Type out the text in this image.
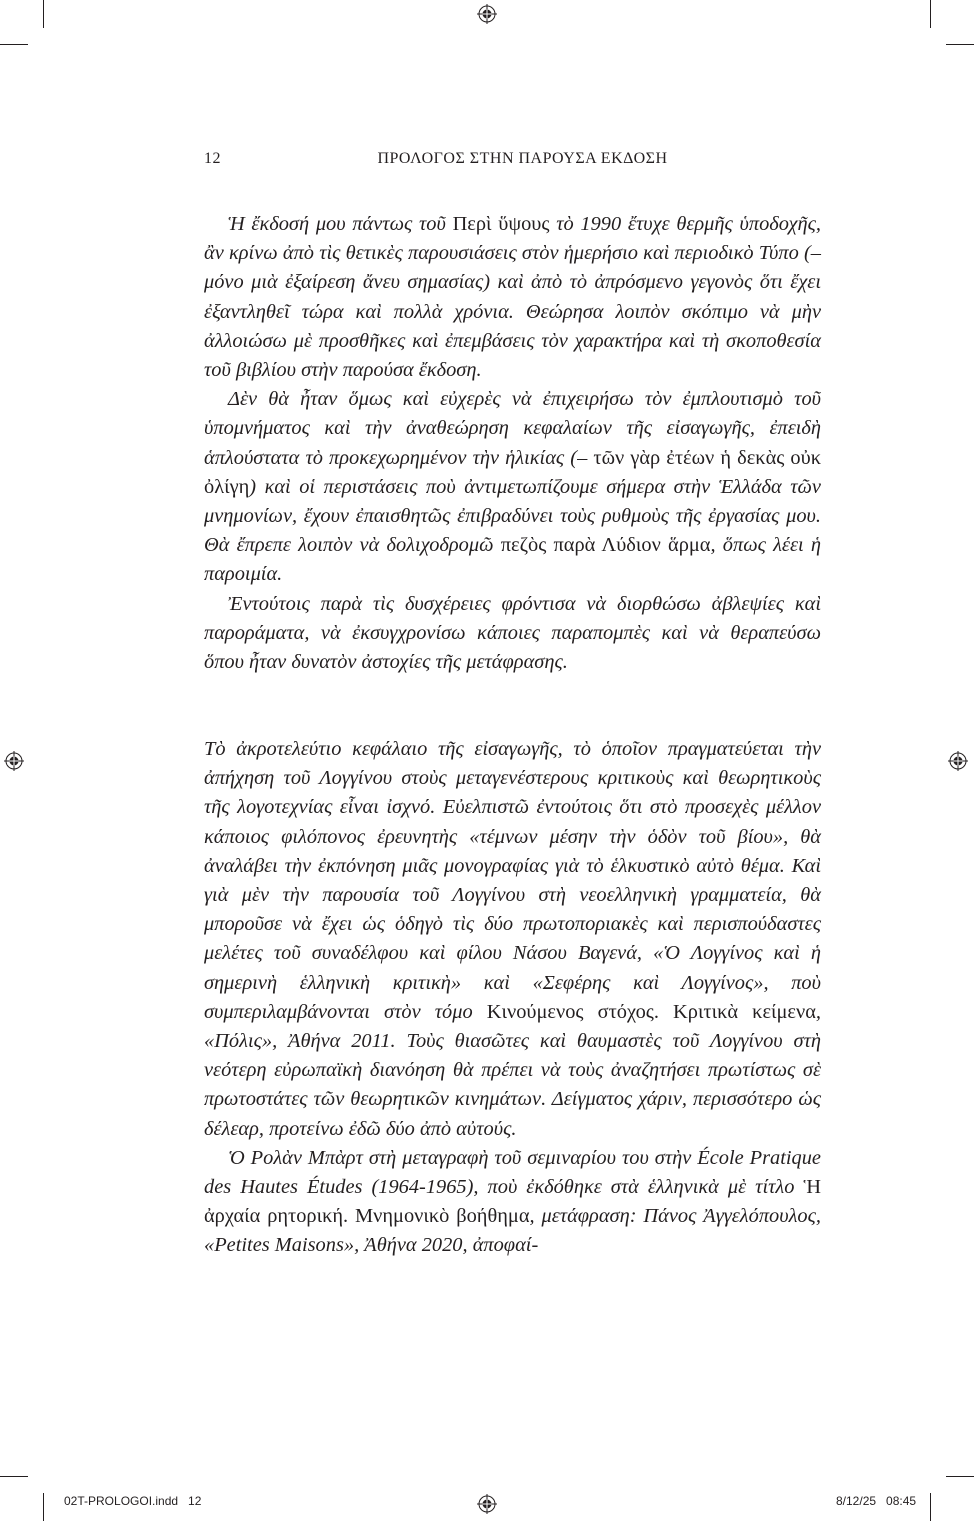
12	ΠΡΟΛΟΓΟΣ ΣΤΗΝ ΠΑΡΟΥΣΑ ΕΚΔΟΣΗ

Ἡ ἔκδοσή μου πάντως τοῦ Περὶ ὕψους τὸ 1990 ἔτυχε θερμῆς ὑποδοχῆς, ἂν κρίνω ἀπὸ τὶς θετικὲς παρουσιάσεις στὸν ἡμερήσιο καὶ περιοδικὸ Τύπο (– μόνο μιὰ ἐξαίρεση ἄνευ σημασίας) καὶ ἀπὸ τὸ ἀπρόσμενο γεγονὸς ὅτι ἔχει ἐξαντληθεῖ τώρα καὶ πολλὰ χρόνια. Θεώρησα λοιπὸν σκόπιμο νὰ μὴν ἀλλοιώσω μὲ προσθῆκες καὶ ἐπεμβάσεις τὸν χαρακτήρα καὶ τὴ σκοποθεσία τοῦ βιβλίου στὴν παρούσα ἔκδοση.

Δὲν θὰ ἦταν ὅμως καὶ εὐχερὲς νὰ ἐπιχειρήσω τὸν ἐμπλουτισμὸ τοῦ ὑπομνήματος καὶ τὴν ἀναθεώρηση κεφαλαίων τῆς εἰσαγωγῆς, ἐπειδὴ ἁπλούστατα τὸ προκεχωρημένον τὴν ἡλικίας (– τῶν γὰρ ἐτέων ἡ δεκὰς οὐκ ὀλίγη) καὶ οἱ περιστάσεις ποὺ ἀντιμετωπίζουμε σήμερα στὴν Ἑλλάδα τῶν μνημονίων, ἔχουν ἐπαισθητῶς ἐπιβραδύνει τοὺς ρυθμοὺς τῆς ἐργασίας μου. Θὰ ἔπρεπε λοιπὸν νὰ δολιχοδρομῶ πεζὸς παρὰ Λύδιον ἅρμα, ὅπως λέει ἡ παροιμία.

Ἐντούτοις παρὰ τὶς δυσχέρειες φρόντισα νὰ διορθώσω ἀβλεψίες καὶ παροράματα, νὰ ἐκσυγχρονίσω κάποιες παραπομπὲς καὶ νὰ θεραπεύσω ὅπου ἦταν δυνατὸν ἀστοχίες τῆς μετάφρασης.

Τὸ ἀκροτελεύτιο κεφάλαιο τῆς εἰσαγωγῆς, τὸ ὁποῖον πραγματεύεται τὴν ἀπήχηση τοῦ Λογγίνου στοὺς μεταγενέστερους κριτικοὺς καὶ θεωρητικοὺς τῆς λογοτεχνίας εἶναι ἰσχνό. Εὐελπιστῶ ἐντούτοις ὅτι στὸ προσεχὲς μέλλον κάποιος φιλόπονος ἐρευνητὴς «τέμνων μέσην τὴν ὁδὸν τοῦ βίου», θὰ ἀναλάβει τὴν ἐκπόνηση μιᾶς μονογραφίας γιὰ τὸ ἑλκυστικὸ αὐτὸ θέμα. Καὶ γιὰ μὲν τὴν παρουσία τοῦ Λογγίνου στὴ νεοελληνικὴ γραμματεία, θὰ μποροῦσε νὰ ἔχει ὡς ὁδηγὸ τὶς δύο πρωτοποριακὲς καὶ περισπούδαστες μελέτες τοῦ συναδέλφου καὶ φίλου Νάσου Βαγενά, «Ὁ Λογγίνος καὶ ἡ σημερινὴ ἑλληνικὴ κριτικὴ» καὶ «Σεφέρης καὶ Λογγίνος», ποὺ συμπεριλαμβάνονται στὸν τόμο Κινούμενος στόχος. Κριτικὰ κείμενα, «Πόλις», Ἀθήνα 2011. Τοὺς θιασῶτες καὶ θαυμαστὲς τοῦ Λογγίνου στὴ νεότερη εὐρωπαϊκὴ διανόηση θὰ πρέπει νὰ τοὺς ἀναζητήσει πρωτίστως σὲ πρωτοστάτες τῶν θεωρητικῶν κινημάτων. Δείγματος χάριν, περισσότερο ὡς δέλεαρ, προτείνω ἐδῶ δύο ἀπὸ αὐτούς.

Ὁ Ρολὰν Μπὰρτ στὴ μεταγραφὴ τοῦ σεμιναρίου του στὴν École Pratique des Hautes Études (1964-1965), ποὺ ἐκδόθηκε στὰ ἑλληνικὰ μὲ τίτλο Ἡ ἀρχαία ρητορική. Μνημονικὸ βοήθημα, μετάφραση: Πάνος Ἀγγελόπουλος, «Petites Maisons», Ἀθήνα 2020, ἀποφαί-

02T-PROLOGOI.indd   12	8/12/25   08:45
